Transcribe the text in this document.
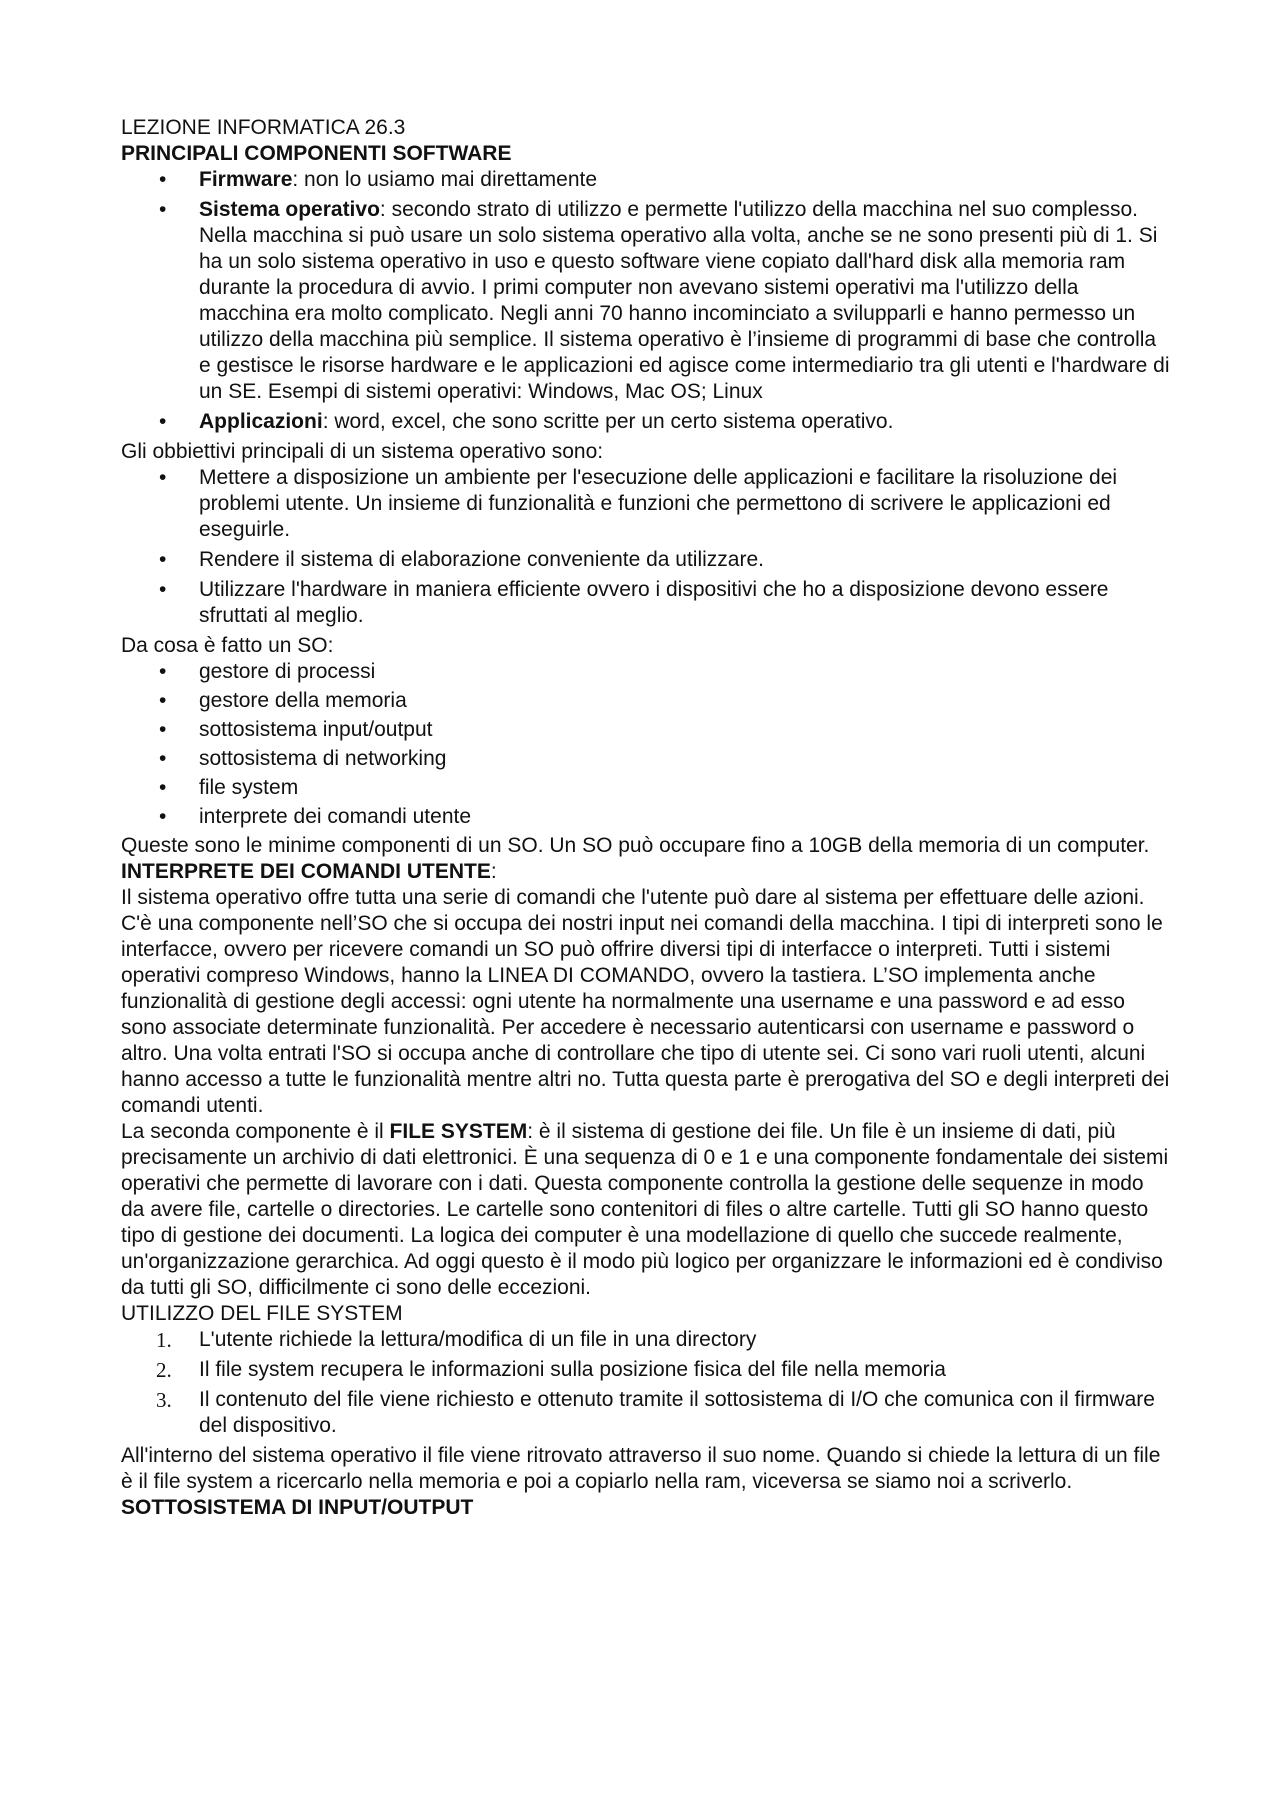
LEZIONE INFORMATICA 26.3

PRINCIPALI COMPONENTI SOFTWARE

• Firmware: non lo usiamo mai direttamente
• Sistema operativo: secondo strato di utilizzo e permette l'utilizzo della macchina nel suo complesso. Nella macchina si può usare un solo sistema operativo alla volta, anche se ne sono presenti più di 1. Si ha un solo sistema operativo in uso e questo software viene copiato dall'hard disk alla memoria ram durante la procedura di avvio. I primi computer non avevano sistemi operativi ma l'utilizzo della macchina era molto complicato. Negli anni 70 hanno incominciato a svilupparli e hanno permesso un utilizzo della macchina più semplice. Il sistema operativo è l’insieme di programmi di base che controlla e gestisce le risorse hardware e le applicazioni ed agisce come intermediario tra gli utenti e l'hardware di un SE. Esempi di sistemi operativi: Windows, Mac OS; Linux
• Applicazioni: word, excel, che sono scritte per un certo sistema operativo.

Gli obbiettivi principali di un sistema operativo sono:

• Mettere a disposizione un ambiente per l'esecuzione delle applicazioni e facilitare la risoluzione dei problemi utente. Un insieme di funzionalità e funzioni che permettono di scrivere le applicazioni ed eseguirle.
• Rendere il sistema di elaborazione conveniente da utilizzare.
• Utilizzare l'hardware in maniera efficiente ovvero i dispositivi che ho a disposizione devono essere sfruttati al meglio.

Da cosa è fatto un SO:

• gestore di processi
• gestore della memoria
• sottosistema input/output
• sottosistema di networking
• file system
• interprete dei comandi utente

Queste sono le minime componenti di un SO. Un SO può occupare fino a 10GB della memoria di un computer.

INTERPRETE DEI COMANDI UTENTE:

Il sistema operativo offre tutta una serie di comandi che l'utente può dare al sistema per effettuare delle azioni. C'è una componente nell’SO che si occupa dei nostri input nei comandi della macchina. I tipi di interpreti sono le interfacce, ovvero per ricevere comandi un SO può offrire diversi tipi di interfacce o interpreti. Tutti i sistemi operativi compreso Windows, hanno la LINEA DI COMANDO, ovvero la tastiera. L’SO implementa anche funzionalità di gestione degli accessi: ogni utente ha normalmente una username e una password e ad esso sono associate determinate funzionalità. Per accedere è necessario autenticarsi con username e password o altro. Una volta entrati l'SO si occupa anche di controllare che tipo di utente sei. Ci sono vari ruoli utenti, alcuni hanno accesso a tutte le funzionalità mentre altri no. Tutta questa parte è prerogativa del SO e degli interpreti dei comandi utenti.

La seconda componente è il FILE SYSTEM: è il sistema di gestione dei file. Un file è un insieme di dati, più precisamente un archivio di dati elettronici. È una sequenza di 0 e 1 e una componente fondamentale dei sistemi operativi che permette di lavorare con i dati. Questa componente controlla la gestione delle sequenze in modo da avere file, cartelle o directories. Le cartelle sono contenitori di files o altre cartelle. Tutti gli SO hanno questo tipo di gestione dei documenti. La logica dei computer è una modellazione di quello che succede realmente, un'organizzazione gerarchica. Ad oggi questo è il modo più logico per organizzare le informazioni ed è condiviso da tutti gli SO, difficilmente ci sono delle eccezioni.

UTILIZZO DEL FILE SYSTEM

1. L'utente richiede la lettura/modifica di un file in una directory
2. Il file system recupera le informazioni sulla posizione fisica del file nella memoria
3. Il contenuto del file viene richiesto e ottenuto tramite il sottosistema di I/O che comunica con il firmware del dispositivo.

All'interno del sistema operativo il file viene ritrovato attraverso il suo nome. Quando si chiede la lettura di un file è il file system a ricercarlo nella memoria e poi a copiarlo nella ram, viceversa se siamo noi a scriverlo.

SOTTOSISTEMA DI INPUT/OUTPUT
